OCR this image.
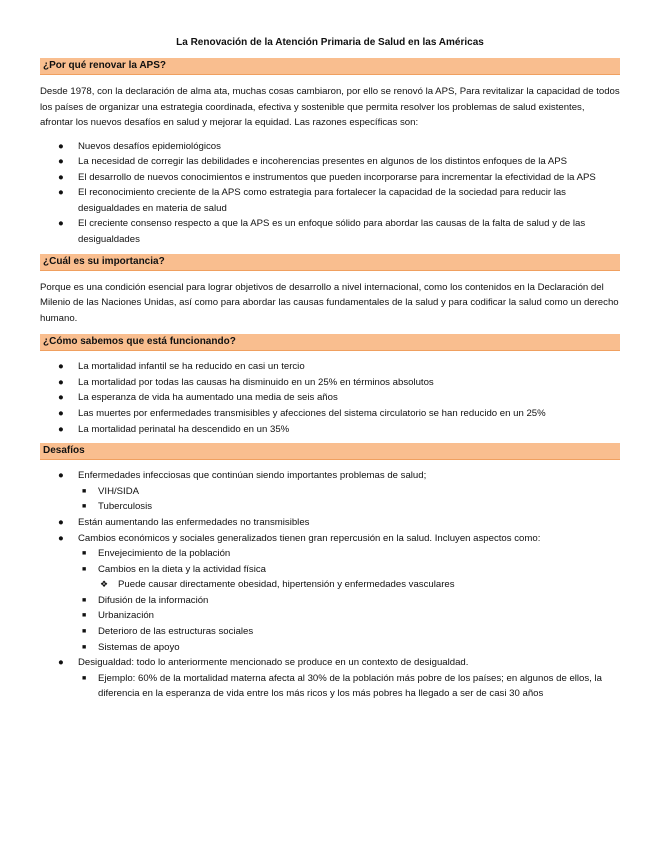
La Renovación de la Atención Primaria de Salud en las Américas
¿Por qué renovar la APS?

Desde 1978, con la declaración de alma ata, muchas cosas cambiaron, por ello se renovó la APS, Para revitalizar la capacidad de todos los países de organizar una estrategia coordinada, efectiva y sostenible que permita resolver los problemas de salud existentes, afrontar los nuevos desafíos en salud y mejorar la equidad. Las razones específicas son:

● Nuevos desafíos epidemiológicos
● La necesidad de corregir las debilidades e incoherencias presentes en algunos de los distintos enfoques de la APS
● El desarrollo de nuevos conocimientos e instrumentos que pueden incorporarse para incrementar la efectividad de la APS
● El reconocimiento creciente de la APS como estrategia para fortalecer la capacidad de la sociedad para reducir las desigualdades en materia de salud
● El creciente consenso respecto a que la APS es un enfoque sólido para abordar las causas de la falta de salud y de las desigualdades
¿Cuál es su importancia?

Porque es una condición esencial para lograr objetivos de desarrollo a nivel internacional, como los contenidos en la Declaración del Milenio de las Naciones Unidas, así como para abordar las causas fundamentales de la salud y para codificar la salud como un derecho humano.

¿Cómo sabemos que está funcionando?
● La mortalidad infantil se ha reducido en casi un tercio
● La mortalidad por todas las causas ha disminuido en un 25% en términos absolutos
● La esperanza de vida ha aumentado una media de seis años
● Las muertes por enfermedades transmisibles y afecciones del sistema circulatorio se han reducido en un 25%
● La mortalidad perinatal ha descendido en un 35%
Desafíos
● Enfermedades infecciosas que continúan siendo importantes problemas de salud;
■ VIH/SIDA
■ Tuberculosis
● Están aumentando las enfermedades no transmisibles
● Cambios económicos y sociales generalizados tienen gran repercusión en la salud. Incluyen aspectos como:
■ Envejecimiento de la población
■ Cambios en la dieta y la actividad física
❖ Puede causar directamente obesidad, hipertensión y enfermedades vasculares
■ Difusión de la información
■ Urbanización
■ Deterioro de las estructuras sociales
■ Sistemas de apoyo
● Desigualdad: todo lo anteriormente mencionado se produce en un contexto de desigualdad.
■ Ejemplo: 60% de la mortalidad materna afecta al 30% de la población más pobre de los países; en algunos de ellos, la diferencia en la esperanza de vida entre los más ricos y los más pobres ha llegado a ser de casi 30 años
